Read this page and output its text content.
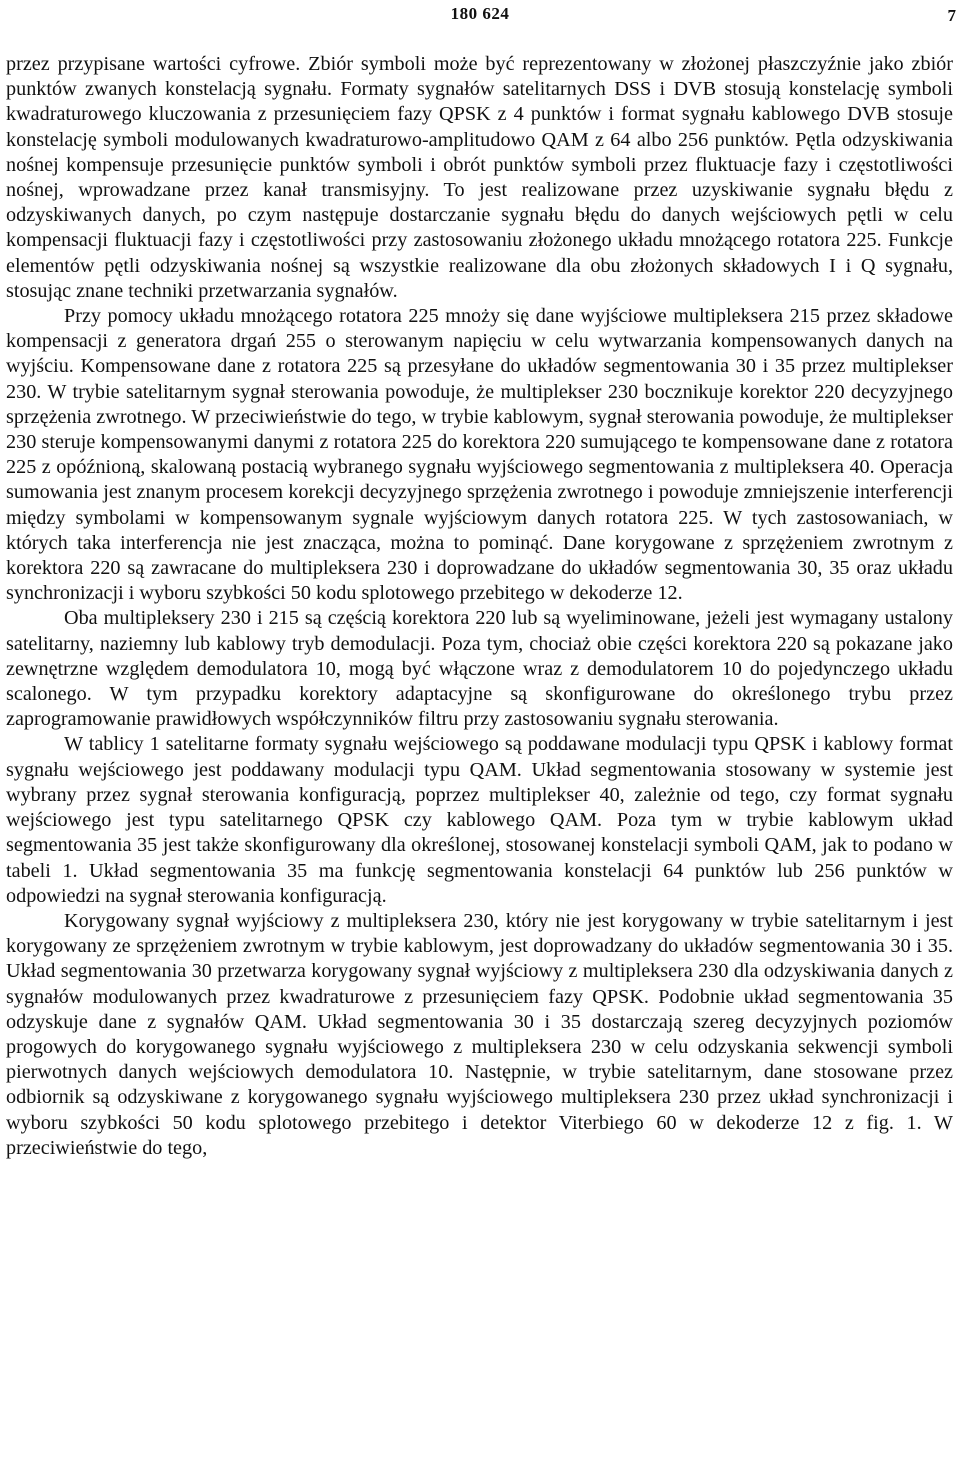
180 624	7

przez przypisane wartości cyfrowe. Zbiór symboli może być reprezentowany w złożonej płaszczyźnie jako zbiór punktów zwanych konstelacją sygnału. Formaty sygnałów satelitarnych DSS i DVB stosują konstelację symboli kwadraturowego kluczowania z przesunięciem fazy QPSK z 4 punktów i format sygnału kablowego DVB stosuje konstelację symboli modulowanych kwadraturowo-amplitudowo QAM z 64 albo 256 punktów. Pętla odzyskiwania nośnej kompensuje przesunięcie punktów symboli i obrót punktów symboli przez fluktuacje fazy i częstotliwości nośnej, wprowadzane przez kanał transmisyjny. To jest realizowane przez uzyskiwanie sygnału błędu z odzyskiwanych danych, po czym następuje dostarczanie sygnału błędu do danych wejściowych pętli w celu kompensacji fluktuacji fazy i częstotliwości przy zastosowaniu złożonego układu mnożącego rotatora 225. Funkcje elementów pętli odzyskiwania nośnej są wszystkie realizowane dla obu złożonych składowych I i Q sygnału, stosując znane techniki przetwarzania sygnałów.

Przy pomocy układu mnożącego rotatora 225 mnoży się dane wyjściowe multipleksera 215 przez składowe kompensacji z generatora drgań 255 o sterowanym napięciu w celu wytwarzania kompensowanych danych na wyjściu. Kompensowane dane z rotatora 225 są przesyłane do układów segmentowania 30 i 35 przez multiplekser 230. W trybie satelitarnym sygnał sterowania powoduje, że multiplekser 230 bocznikuje korektor 220 decyzyjnego sprzężenia zwrotnego. W przeciwieństwie do tego, w trybie kablowym, sygnał sterowania powoduje, że multiplekser 230 steruje kompensowanymi danymi z rotatora 225 do korektora 220 sumującego te kompensowane dane z rotatora 225 z opóźnioną, skalowaną postacią wybranego sygnału wyjściowego segmentowania z multipleksera 40. Operacja sumowania jest znanym procesem korekcji decyzyjnego sprzężenia zwrotnego i powoduje zmniejszenie interferencji między symbolami w kompensowanym sygnale wyjściowym danych rotatora 225. W tych zastosowaniach, w których taka interferencja nie jest znacząca, można to pominąć. Dane korygowane z sprzężeniem zwrotnym z korektora 220 są zawracane do multipleksera 230 i doprowadzane do układów segmentowania 30, 35 oraz układu synchronizacji i wyboru szybkości 50 kodu splotowego przebitego w dekoderze 12.

Oba multipleksery 230 i 215 są częścią korektora 220 lub są wyeliminowane, jeżeli jest wymagany ustalony satelitarny, naziemny lub kablowy tryb demodulacji. Poza tym, chociaż obie części korektora 220 są pokazane jako zewnętrzne względem demodulatora 10, mogą być włączone wraz z demodulatorem 10 do pojedynczego układu scalonego. W tym przypadku korektory adaptacyjne są skonfigurowane do określonego trybu przez zaprogramowanie prawidłowych współczynników filtru przy zastosowaniu sygnału sterowania.

W tablicy 1 satelitarne formaty sygnału wejściowego są poddawane modulacji typu QPSK i kablowy format sygnału wejściowego jest poddawany modulacji typu QAM. Układ segmentowania stosowany w systemie jest wybrany przez sygnał sterowania konfiguracją, poprzez multiplekser 40, zależnie od tego, czy format sygnału wejściowego jest typu satelitarnego QPSK czy kablowego QAM. Poza tym w trybie kablowym układ segmentowania 35 jest także skonfigurowany dla określonej, stosowanej konstelacji symboli QAM, jak to podano w tabeli 1. Układ segmentowania 35 ma funkcję segmentowania konstelacji 64 punktów lub 256 punktów w odpowiedzi na sygnał sterowania konfiguracją.

Korygowany sygnał wyjściowy z multipleksera 230, który nie jest korygowany w trybie satelitarnym i jest korygowany ze sprzężeniem zwrotnym w trybie kablowym, jest doprowadzany do układów segmentowania 30 i 35. Układ segmentowania 30 przetwarza korygowany sygnał wyjściowy z multipleksera 230 dla odzyskiwania danych z sygnałów modulowanych przez kwadraturowe z przesunięciem fazy QPSK. Podobnie układ segmentowania 35 odzyskuje dane z sygnałów QAM. Układ segmentowania 30 i 35 dostarczają szereg decyzyjnych poziomów progowych do korygowanego sygnału wyjściowego z multipleksera 230 w celu odzyskania sekwencji symboli pierwotnych danych wejściowych demodulatora 10. Następnie, w trybie satelitarnym, dane stosowane przez odbiornik są odzyskiwane z korygowanego sygnału wyjściowego multipleksera 230 przez układ synchronizacji i wyboru szybkości 50 kodu splotowego przebitego i detektor Viterbiego 60 w dekoderze 12 z fig. 1. W przeciwieństwie do tego,
